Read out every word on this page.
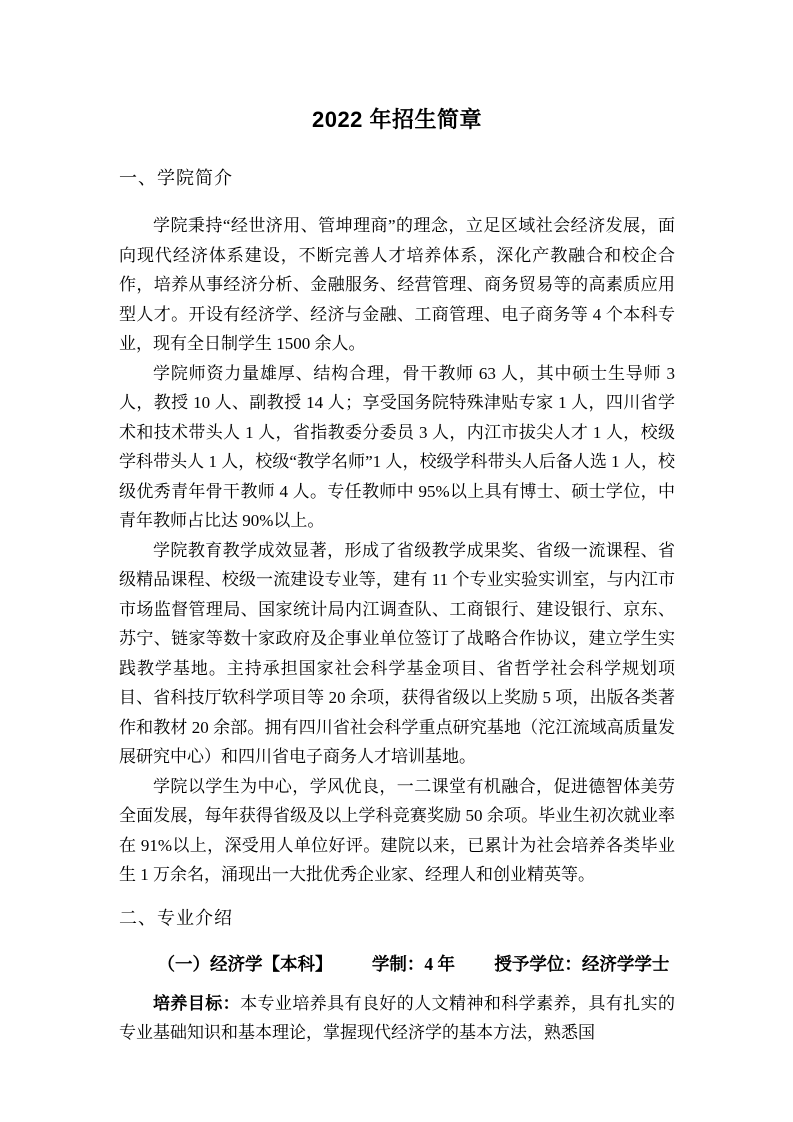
2022 年招生简章
一、学院简介

学院秉持“经世济用、管坤理商”的理念，立足区域社会经济发展，面向现代经济体系建设，不断完善人才培养体系，深化产教融合和校企合作，培养从事经济分析、金融服务、经营管理、商务贸易等的高素质应用型人才。开设有经济学、经济与金融、工商管理、电子商务等 4 个本科专业，现有全日制学生 1500 余人。

学院师资力量雄厚、结构合理，骨干教师 63 人，其中硕士生导师 3 人，教授 10 人、副教授 14 人；享受国务院特殊津贴专家 1 人，四川省学术和技术带头人 1 人，省指教委分委员 3 人，内江市拔尖人才 1 人，校级学科带头人 1 人，校级“教学名师”1 人，校级学科带头人后备人选 1 人，校级优秀青年骨干教师 4 人。专任教师中 95%以上具有博士、硕士学位，中青年教师占比达 90%以上。

学院教育教学成效显著，形成了省级教学成果奖、省级一流课程、省级精品课程、校级一流建设专业等，建有 11 个专业实验实训室，与内江市市场监督管理局、国家统计局内江调查队、工商银行、建设银行、京东、苏宁、链家等数十家政府及企事业单位签订了战略合作协议，建立学生实践教学基地。主持承担国家社会科学基金项目、省哲学社会科学规划项目、省科技厅软科学项目等 20 余项，获得省级以上奖励 5 项，出版各类著作和教材 20 余部。拥有四川省社会科学重点研究基地（沱江流域高质量发展研究中心）和四川省电子商务人才培训基地。

学院以学生为中心，学风优良，一二课堂有机融合，促进德智体美劳全面发展，每年获得省级及以上学科竞赛奖励 50 余项。毕业生初次就业率在 91%以上，深受用人单位好评。建院以来，已累计为社会培养各类毕业生 1 万余名，涌现出一大批优秀企业家、经理人和创业精英等。

二、专业介绍

（一）经济学【本科】 学制：4 年 授予学位：经济学学士

培养目标：本专业培养具有良好的人文精神和科学素养，具有扎实的专业基础知识和基本理论，掌握现代经济学的基本方法，熟悉国
